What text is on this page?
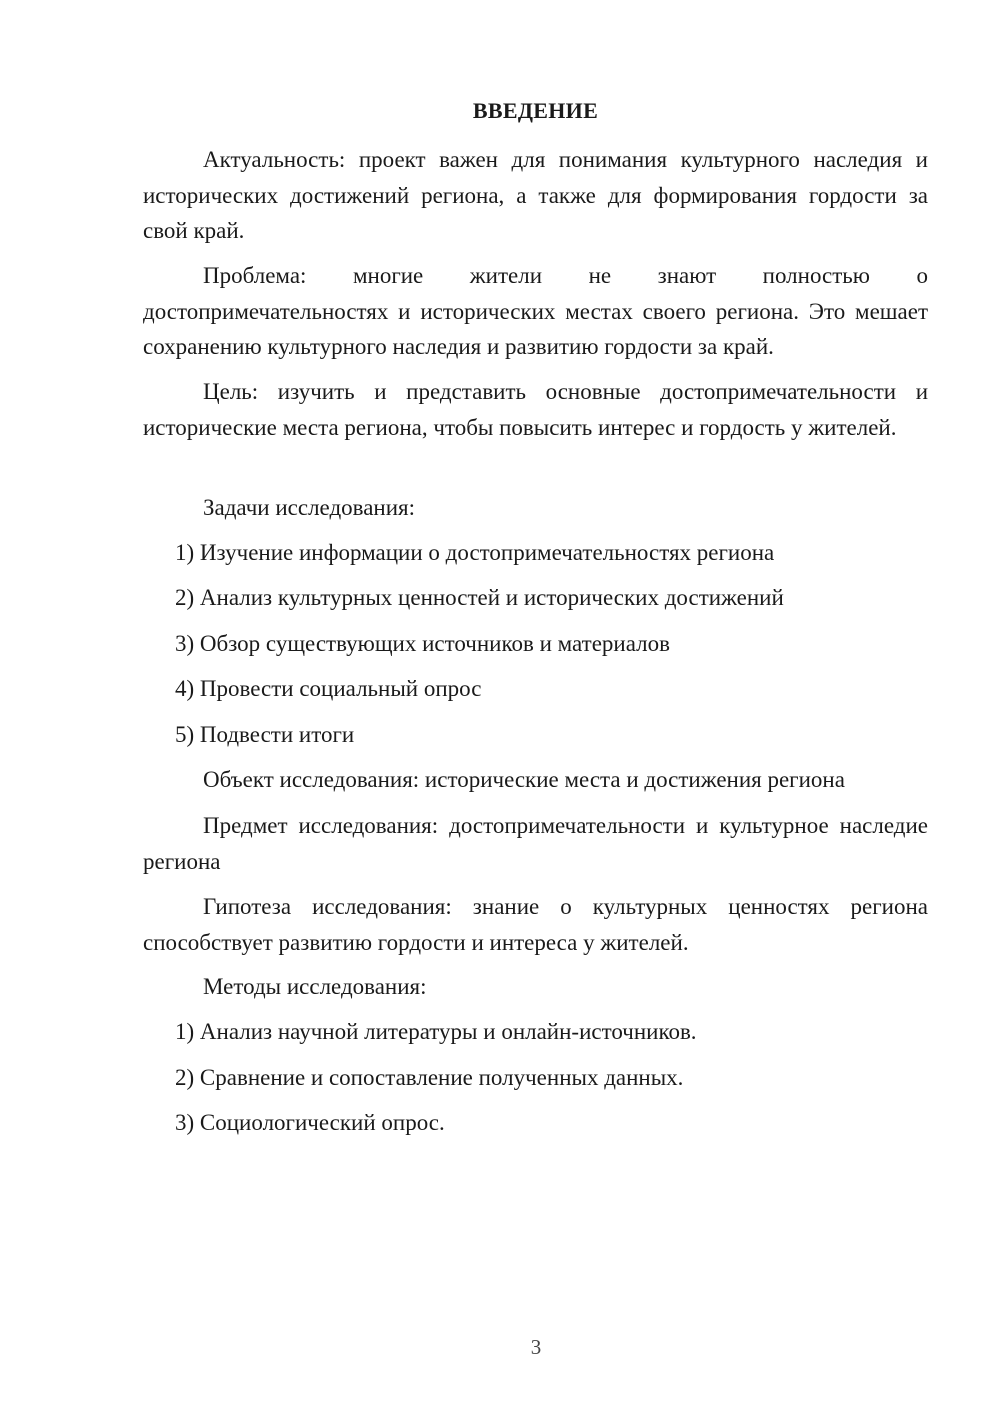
ВВЕДЕНИЕ

Актуальность: проект важен для понимания культурного наследия и исторических достижений региона, а также для формирования гордости за свой край.

Проблема: многие жители не знают полностью о достопримечательностях и исторических местах своего региона. Это мешает сохранению культурного наследия и развитию гордости за край.

Цель: изучить и представить основные достопримечательности и исторические места региона, чтобы повысить интерес и гордость у жителей.

Задачи исследования:

1) Изучение информации о достопримечательностях региона

2) Анализ культурных ценностей и исторических достижений

3) Обзор существующих источников и материалов

4) Провести социальный опрос

5) Подвести итоги

Объект исследования: исторические места и достижения региона

Предмет исследования: достопримечательности и культурное наследие региона

Гипотеза исследования: знание о культурных ценностях региона способствует развитию гордости и интереса у жителей.

Методы исследования:

1) Анализ научной литературы и онлайн-источников.

2) Сравнение и сопоставление полученных данных.

3) Социологический опрос.

3
